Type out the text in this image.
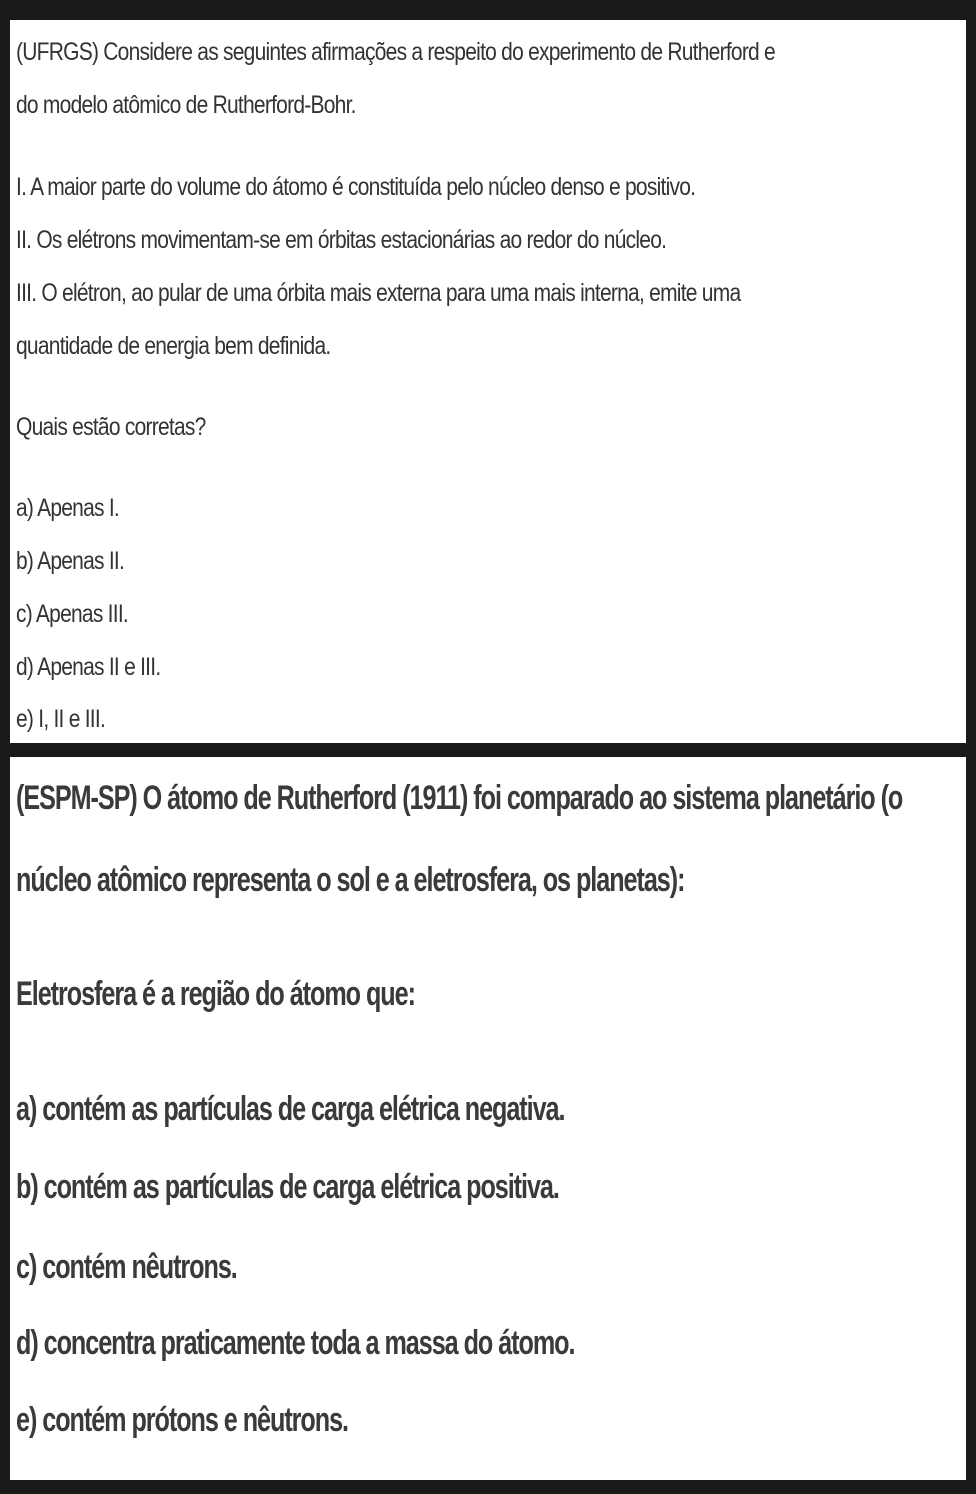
(UFRGS) Considere as seguintes afirmações a respeito do experimento de Rutherford e

do modelo atômico de Rutherford-Bohr.

I. A maior parte do volume do átomo é constituída pelo núcleo denso e positivo.

II. Os elétrons movimentam-se em órbitas estacionárias ao redor do núcleo.

III. O elétron, ao pular de uma órbita mais externa para uma mais interna, emite uma

quantidade de energia bem definida.

Quais estão corretas?

a) Apenas I.

b) Apenas II.

c) Apenas III.

d) Apenas II e III.

e) I, II e III.

(ESPM-SP) O átomo de Rutherford (1911) foi comparado ao sistema planetário (o

núcleo atômico representa o sol e a eletrosfera, os planetas):

Eletrosfera é a região do átomo que:

a) contém as partículas de carga elétrica negativa.

b) contém as partículas de carga elétrica positiva.

c) contém nêutrons.

d) concentra praticamente toda a massa do átomo.

e) contém prótons e nêutrons.
